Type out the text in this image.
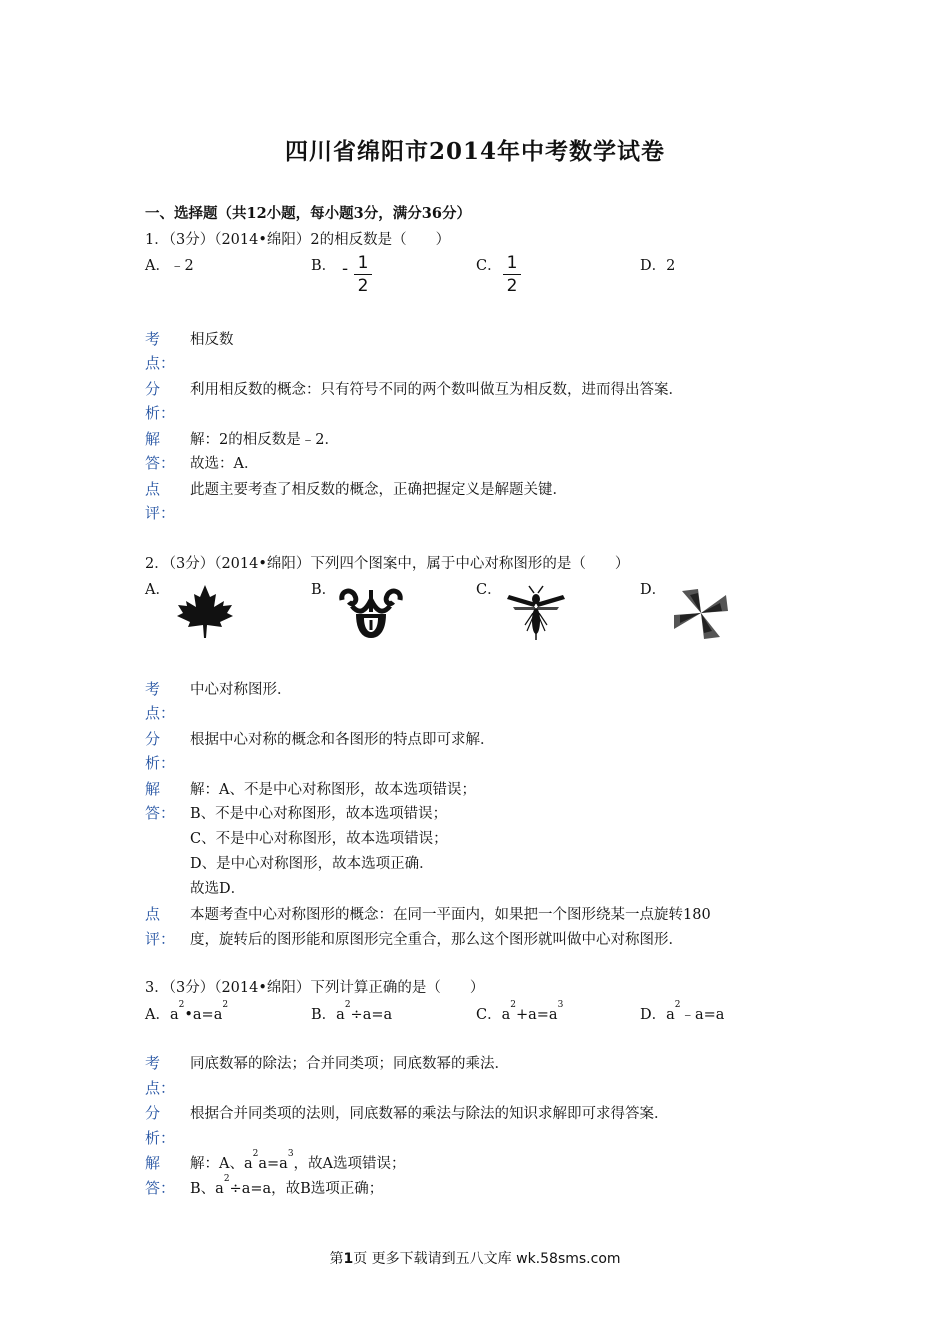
四川省绵阳市2014年中考数学试卷
一、选择题（共12小题，每小题3分，满分36分）
1．（3分）（2014•绵阳）2的相反数是（　　）
A．﹣2	B． - 1
2
C． 1
2
D．2
考
点：
相反数
分
析：
利用相反数的概念：只有符号不同的两个数叫做互为相反数，进而得出答案．
解
答：
解：2的相反数是﹣2．
故选：A．
点
评：
此题主要考查了相反数的概念，正确把握定义是解题关键．
2．（3分）（2014•绵阳）下列四个图案中，属于中心对称图形的是（　　）
A．	B．	C．	D．
考
点：
中心对称图形．
分
析：
根据中心对称的概念和各图形的特点即可求解．
解
答：
解：A、不是中心对称图形，故本选项错误；
B、不是中心对称图形，故本选项错误；
C、不是中心对称图形，故本选项错误；
D、是中心对称图形，故本选项正确．
故选D．
点
评：
本题考查中心对称图形的概念：在同一平面内，如果把一个图形绕某一点旋转180
度，旋转后的图形能和原图形完全重合，那么这个图形就叫做中心对称图形．
3．（3分）（2014•绵阳）下列计算正确的是（　　）
A．$a^2•a=a^2$
B．$a^2\div a=a$	C．$a^2+a=a^3$
D．$a^2﹣a=a$
考
点：
同底数幂的除法；合并同类项；同底数幂的乘法．
分
析：
根据合并同类项的法则，同底数幂的乘法与除法的知识求解即可求得答案．
解
答：
解：A、$a^2a=a^3$，故A选项错误；
B、$a^2\div a=a$，故B选项正确；
第1页 更多下载请到五八文库 wk.58sms.com
